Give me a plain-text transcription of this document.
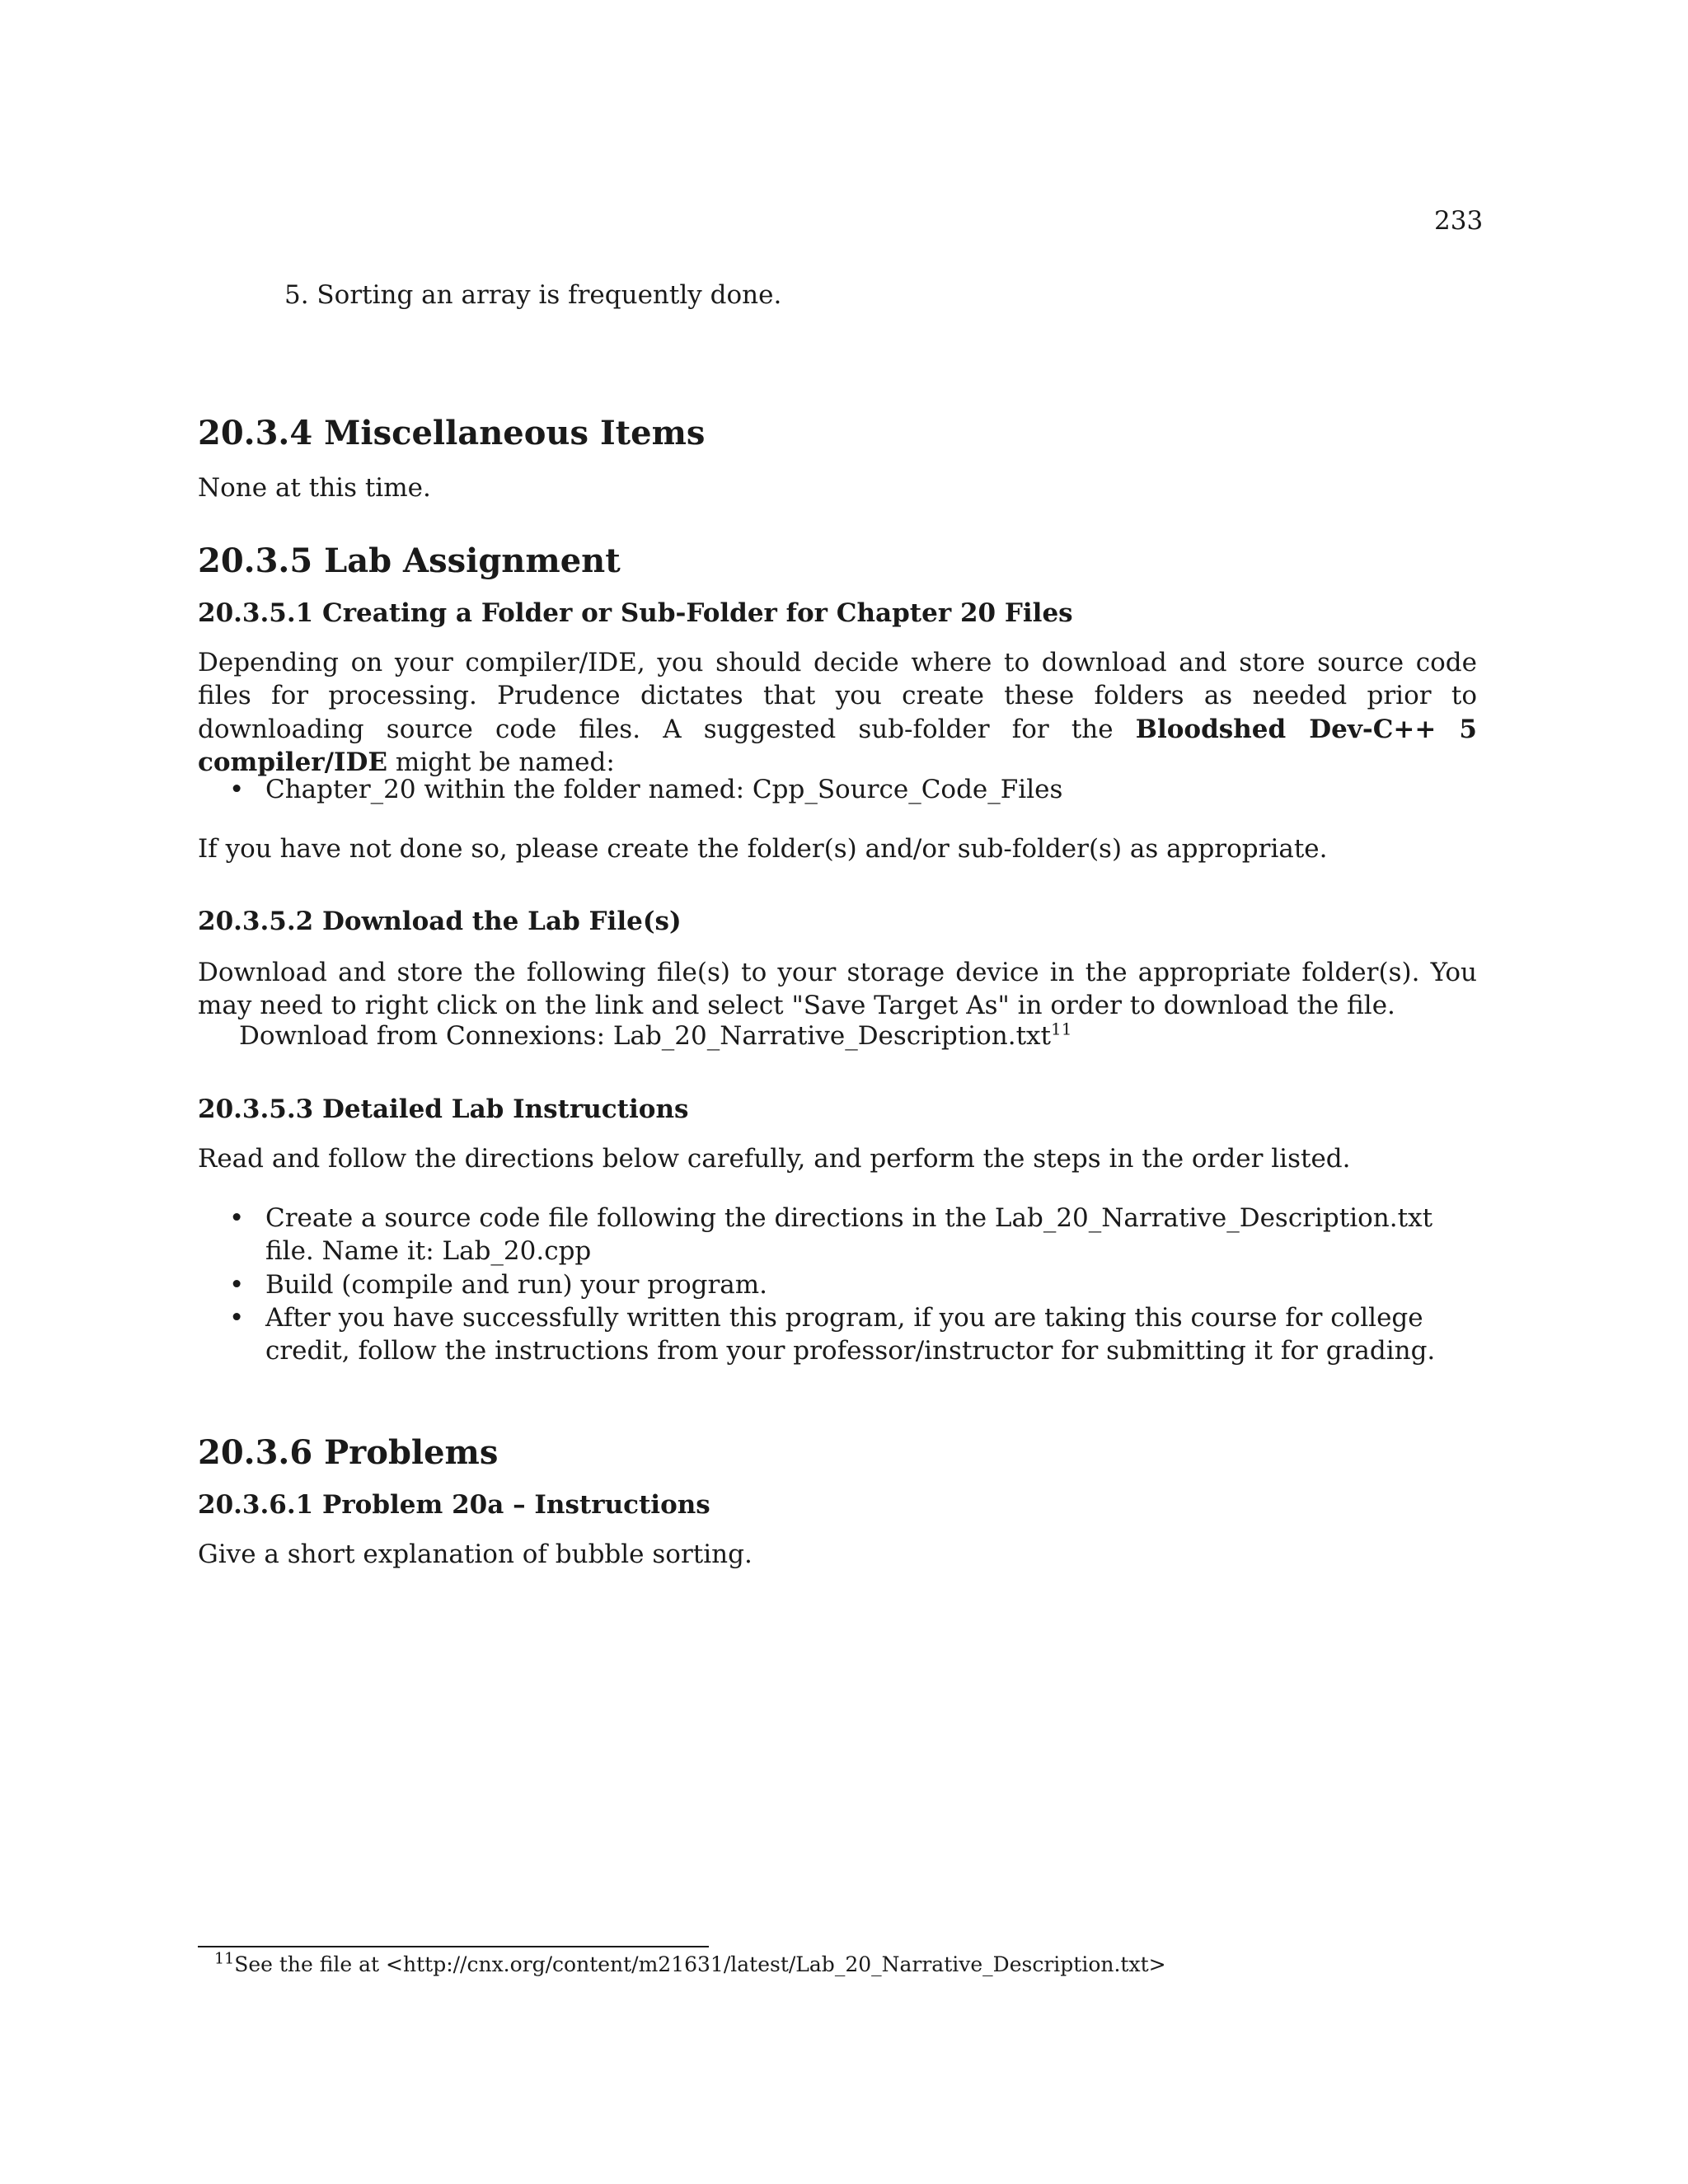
233
5. Sorting an array is frequently done.
20.3.4 Miscellaneous Items
None at this time.
20.3.5 Lab Assignment
20.3.5.1 Creating a Folder or Sub-Folder for Chapter 20 Files
Depending on your compiler/IDE, you should decide where to download and store source code files for processing. Prudence dictates that you create these folders as needed prior to downloading source code files. A suggested sub-folder for the Bloodshed Dev-C++ 5 compiler/IDE might be named:
• Chapter_20 within the folder named: Cpp_Source_Code_Files
If you have not done so, please create the folder(s) and/or sub-folder(s) as appropriate.
20.3.5.2 Download the Lab File(s)
Download and store the following file(s) to your storage device in the appropriate folder(s). You may need to right click on the link and select "Save Target As" in order to download the file.
Download from Connexions: Lab_20_Narrative_Description.txt$^{11}$
20.3.5.3 Detailed Lab Instructions
Read and follow the directions below carefully, and perform the steps in the order listed.
• Create a source code file following the directions in the Lab_20_Narrative_Description.txt file. Name it: Lab_20.cpp
• Build (compile and run) your program.
• After you have successfully written this program, if you are taking this course for college credit, follow the instructions from your professor/instructor for submitting it for grading.
20.3.6 Problems
20.3.6.1 Problem 20a – Instructions
Give a short explanation of bubble sorting.
$^{11}$See the file at <http://cnx.org/content/m21631/latest/Lab_20_Narrative_Description.txt>
